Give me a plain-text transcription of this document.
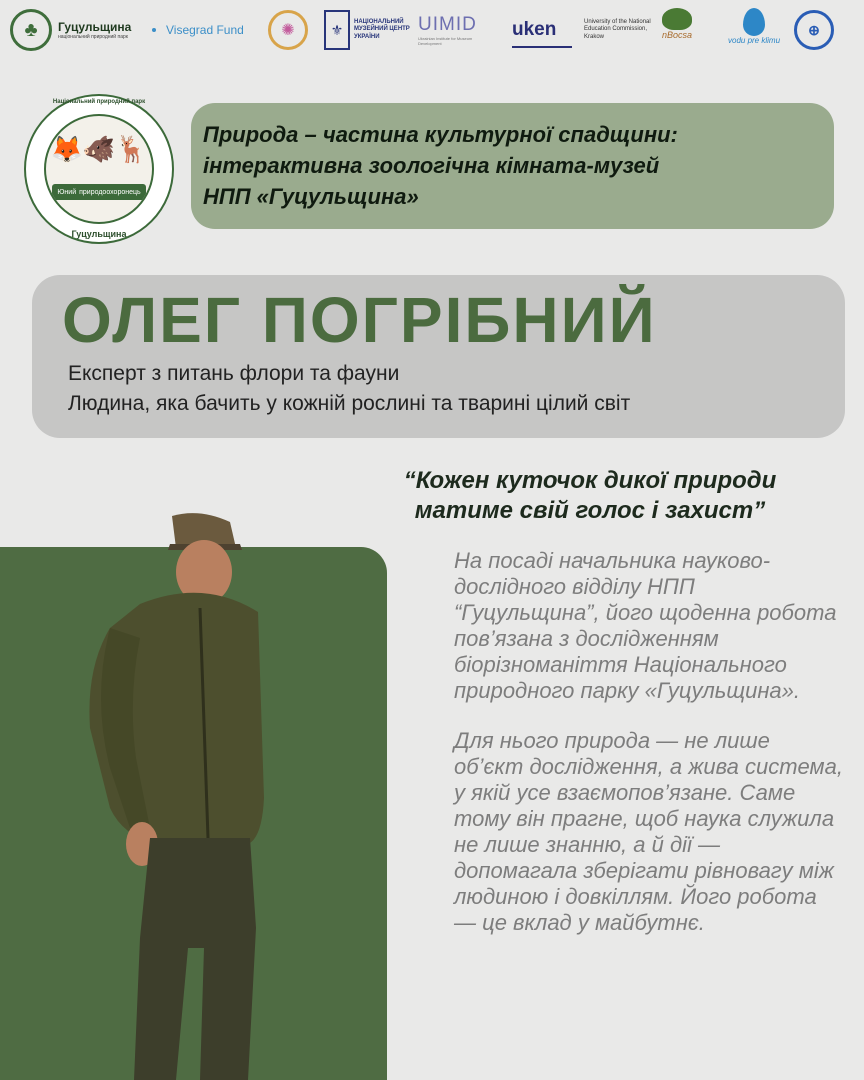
♣	Гуцульщина
національний природний парк	Visegrad Fund	✺	⚜	НАЦІОНАЛЬНИЙ МУЗЕЙНИЙ ЦЕНТР УКРАЇНИ
UIMID
Ukrainian Institute for Museum Development
uken	University of the National Education Commission, Krakow	nBocsa
vodu pre klimu
⊕
Національний природний парк
🦊🐗🦌
Юний природоохоронець
Гуцульщина
Природа – частина культурної спадщини:
інтерактивна зоологічна кімната-музей
НПП «Гуцульщина»
ОЛЕГ ПОГРІБНИЙ
Експерт з питань флори та фауни
Людина, яка бачить у кожній рослині та тварині цілий світ
“Кожен куточок дикої природи
матиме свій голос і захист”

На посаді начальника науково-дослідного відділу НПП “Гуцульщина”, його щоденна робота пов’язана з дослідженням біорізноманіття Національного природного парку «Гуцульщина».

Для нього природа — не лише об’єкт дослідження, а жива система, у якій усе взаємопов’язане. Саме тому він прагне, щоб наука служила не лише знанню, а й дії — допомагала зберігати рівновагу між людиною і довкіллям. Його робота — це вклад у майбутнє.
